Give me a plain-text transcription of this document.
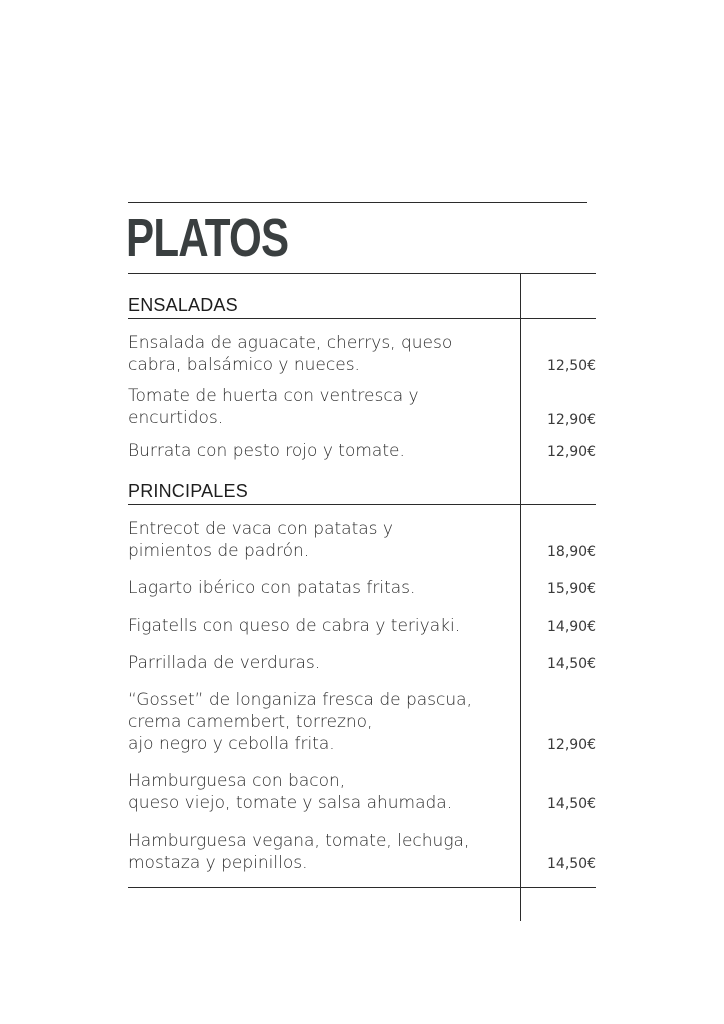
PLATOS
ENSALADAS
Ensalada de aguacate, cherrys, queso
cabra, balsámico y nueces.	12,50€
Tomate de huerta con ventresca y
encurtidos.	12,90€
Burrata con pesto rojo y tomate.	12,90€
PRINCIPALES
Entrecot de vaca con patatas y
pimientos de padrón.	18,90€
Lagarto ibérico con patatas fritas.	15,90€
Figatells con queso de cabra y teriyaki.	14,90€
Parrillada de verduras.	14,50€
“Gosset” de longaniza fresca de pascua,
crema camembert, torrezno,
ajo negro y cebolla frita.	12,90€
Hamburguesa con bacon,
queso viejo, tomate y salsa ahumada.	14,50€
Hamburguesa vegana, tomate, lechuga,
mostaza y pepinillos.	14,50€
